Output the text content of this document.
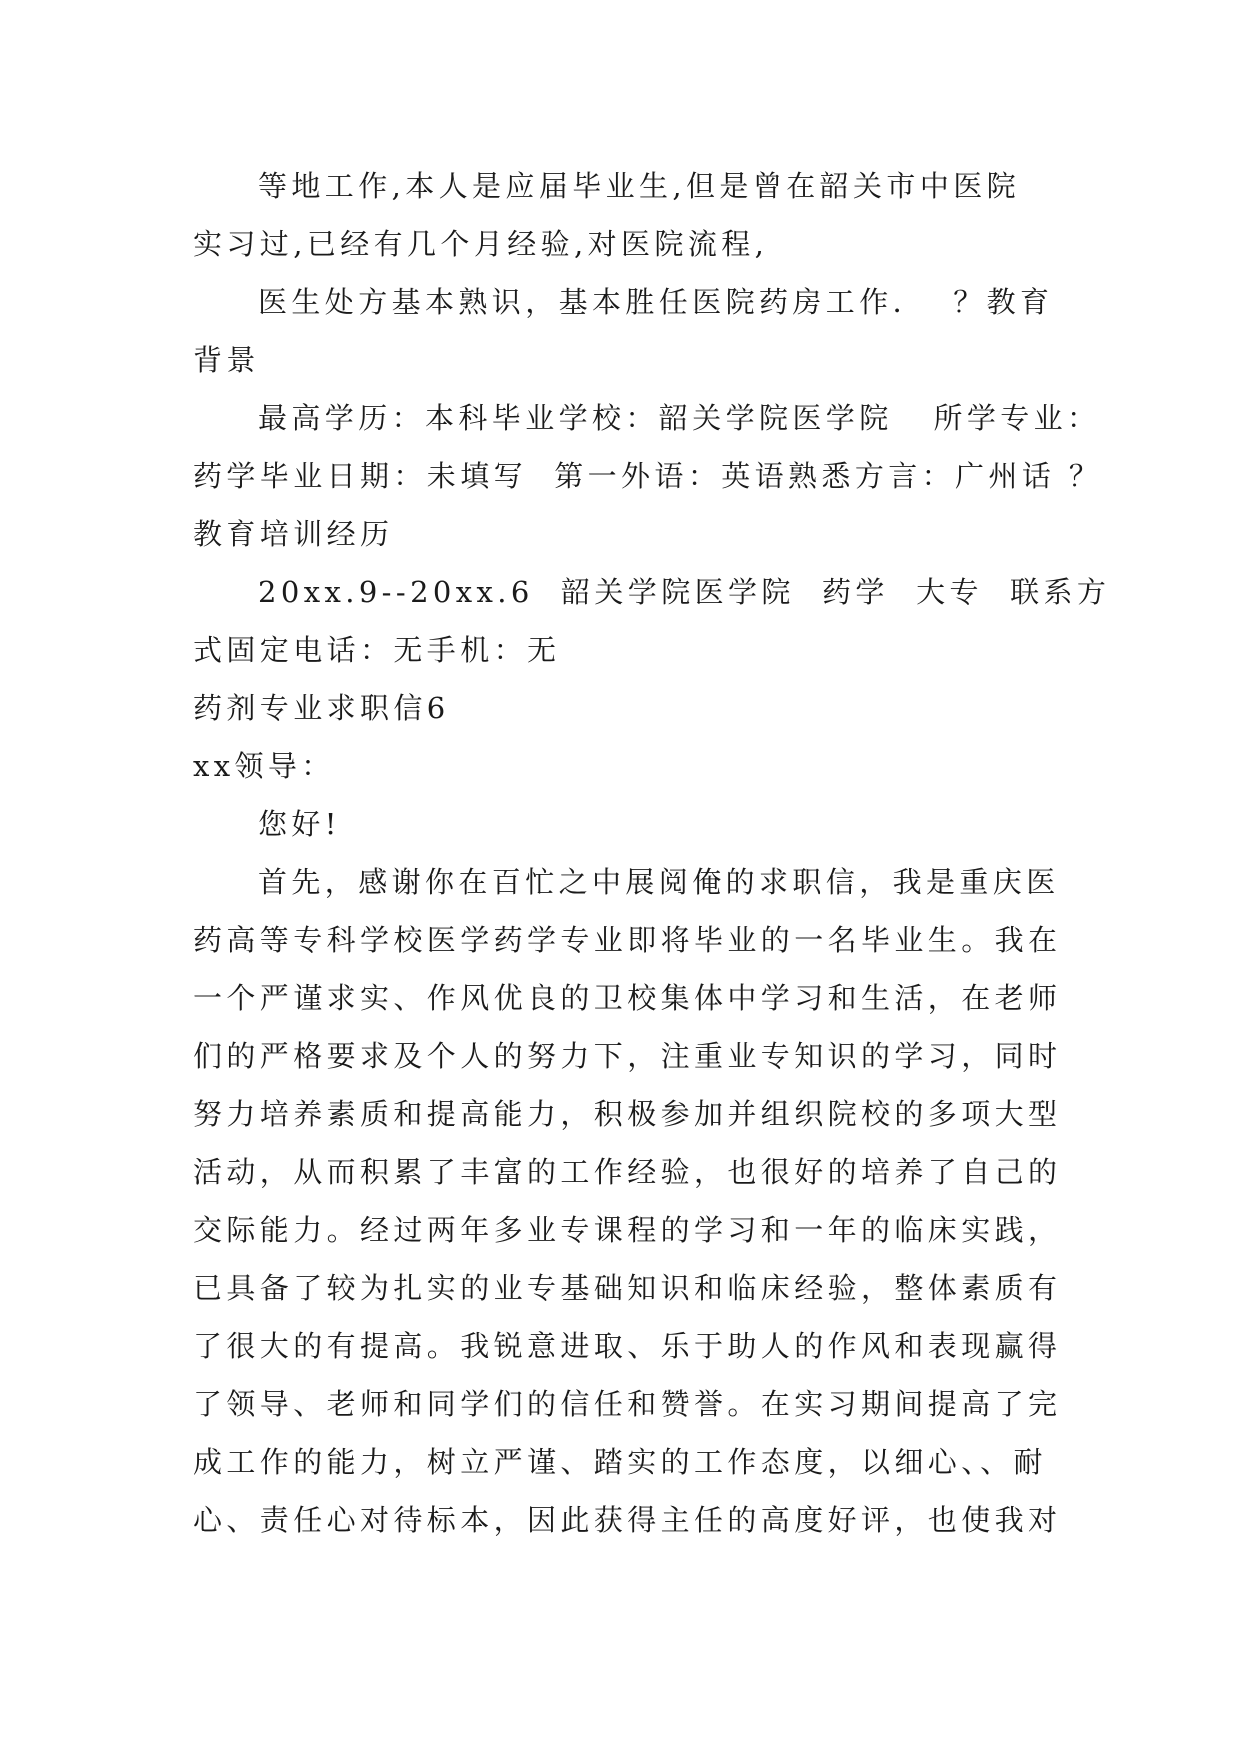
等地工作,本人是应届毕业生,但是曾在韶关市中医院
实习过,已经有几个月经验,对医院流程,
医生处方基本熟识，基本胜任医院药房工作．  ？教育
背景
最高学历：本科毕业学校：韶关学院医学院   所学专业：
药学毕业日期：未填写  第一外语：英语熟悉方言：广州话 ？
教育培训经历
20xx.9--20xx.6  韶关学院医学院  药学  大专  联系方
式固定电话：无手机：无
药剂专业求职信6
xx领导：
您好!
首先，感谢你在百忙之中展阅俺的求职信，我是重庆医
药高等专科学校医学药学专业即将毕业的一名毕业生。我在
一个严谨求实、作风优良的卫校集体中学习和生活，在老师
们的严格要求及个人的努力下，注重业专知识的学习，同时
努力培养素质和提高能力，积极参加并组织院校的多项大型
活动，从而积累了丰富的工作经验，也很好的培养了自己的
交际能力。经过两年多业专课程的学习和一年的临床实践，
已具备了较为扎实的业专基础知识和临床经验，整体素质有
了很大的有提高。我锐意进取、乐于助人的作风和表现赢得
了领导、老师和同学们的信任和赞誉。在实习期间提高了完
成工作的能力，树立严谨、踏实的工作态度，以细心、、耐
心、责任心对待标本，因此获得主任的高度好评，也使我对
